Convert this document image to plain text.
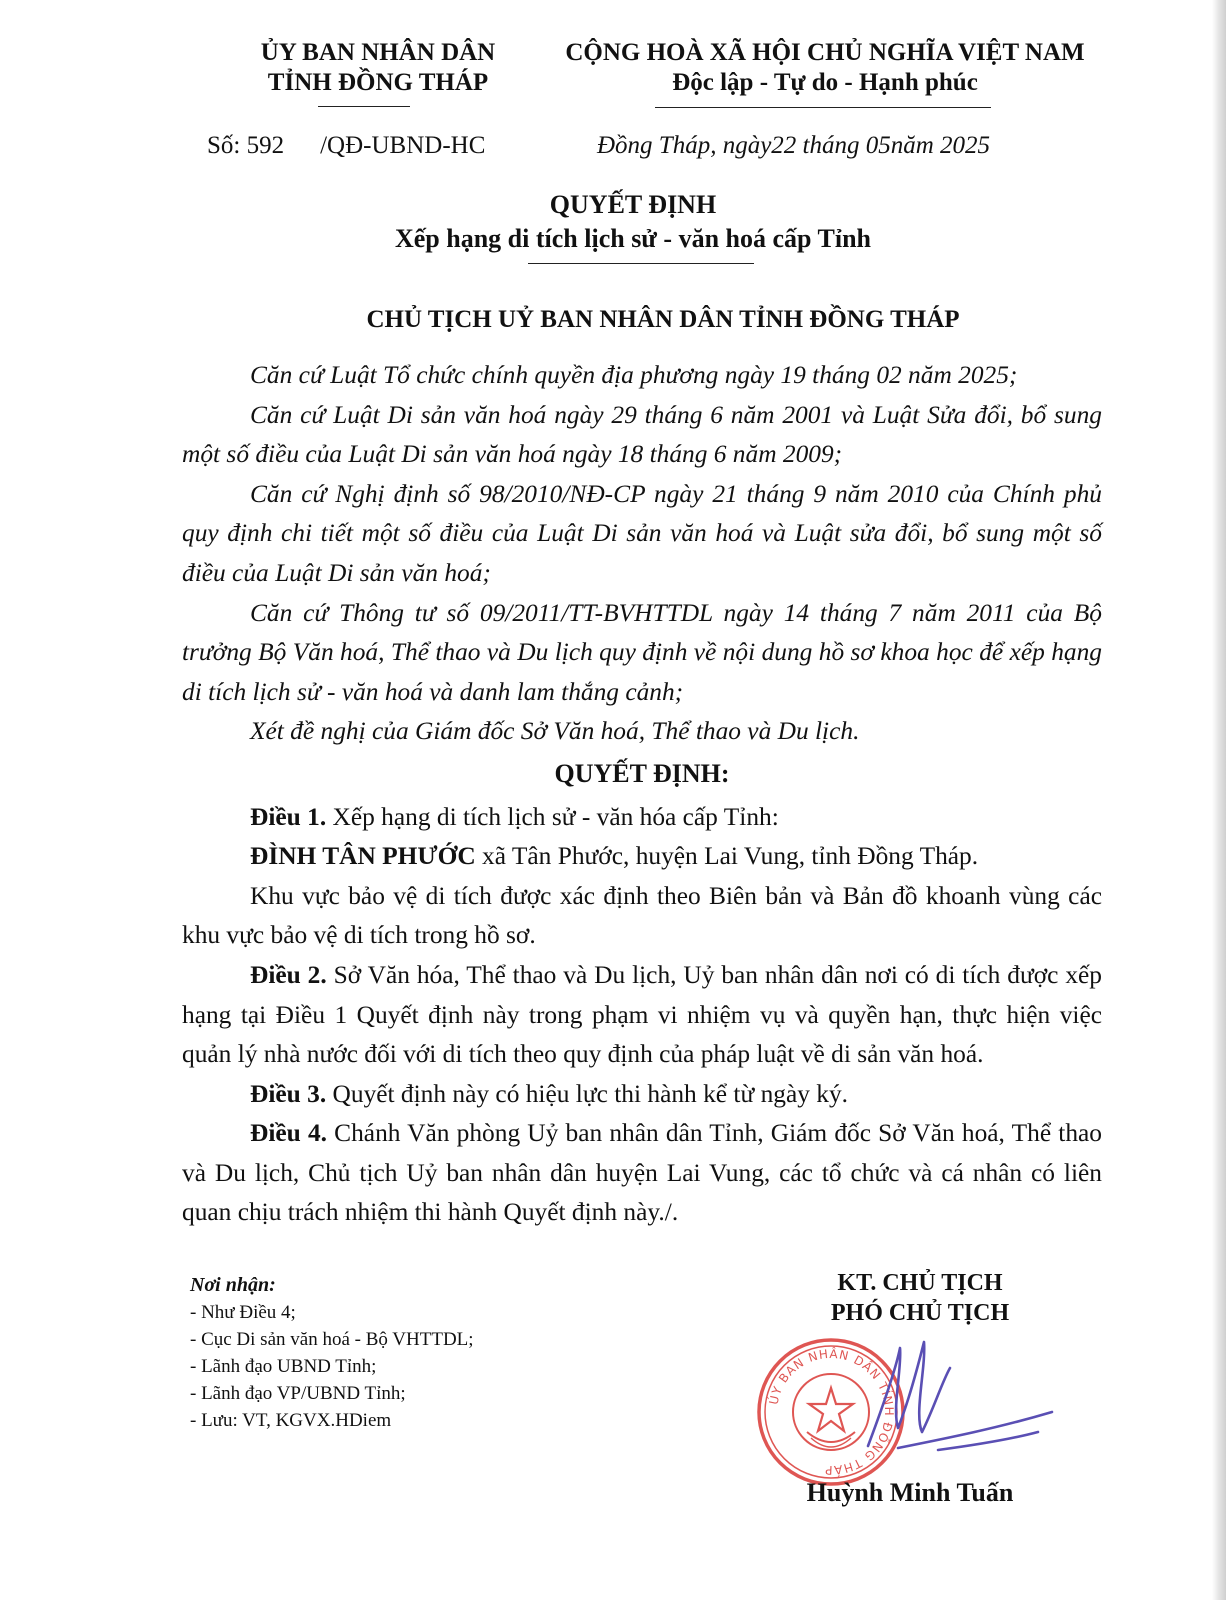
ỦY BAN NHÂN DÂN
TỈNH ĐỒNG THÁP
CỘNG HOÀ XÃ HỘI CHỦ NGHĨA VIỆT NAM
Độc lập - Tự do - Hạnh phúc
Số: 592 /QĐ-UBND-HC	Đồng Tháp, ngày22 tháng 05năm 2025
QUYẾT ĐỊNH
Xếp hạng di tích lịch sử - văn hoá cấp Tỉnh
CHỦ TỊCH UỶ BAN NHÂN DÂN TỈNH ĐỒNG THÁP

Căn cứ Luật Tổ chức chính quyền địa phương ngày 19 tháng 02 năm 2025;

Căn cứ Luật Di sản văn hoá ngày 29 tháng 6 năm 2001 và Luật Sửa đổi, bổ sung một số điều của Luật Di sản văn hoá ngày 18 tháng 6 năm 2009;

Căn cứ Nghị định số 98/2010/NĐ-CP ngày 21 tháng 9 năm 2010 của Chính phủ quy định chi tiết một số điều của Luật Di sản văn hoá và Luật sửa đổi, bổ sung một số điều của Luật Di sản văn hoá;

Căn cứ Thông tư số 09/2011/TT-BVHTTDL ngày 14 tháng 7 năm 2011 của Bộ trưởng Bộ Văn hoá, Thể thao và Du lịch quy định về nội dung hồ sơ khoa học để xếp hạng di tích lịch sử - văn hoá và danh lam thắng cảnh;

Xét đề nghị của Giám đốc Sở Văn hoá, Thể thao và Du lịch.

QUYẾT ĐỊNH:

Điều 1. Xếp hạng di tích lịch sử - văn hóa cấp Tỉnh:

ĐÌNH TÂN PHƯỚC xã Tân Phước, huyện Lai Vung, tỉnh Đồng Tháp.

Khu vực bảo vệ di tích được xác định theo Biên bản và Bản đồ khoanh vùng các khu vực bảo vệ di tích trong hồ sơ.

Điều 2. Sở Văn hóa, Thể thao và Du lịch, Uỷ ban nhân dân nơi có di tích được xếp hạng tại Điều 1 Quyết định này trong phạm vi nhiệm vụ và quyền hạn, thực hiện việc quản lý nhà nước đối với di tích theo quy định của pháp luật về di sản văn hoá.

Điều 3. Quyết định này có hiệu lực thi hành kể từ ngày ký.

Điều 4. Chánh Văn phòng Uỷ ban nhân dân Tỉnh, Giám đốc Sở Văn hoá, Thể thao và Du lịch, Chủ tịch Uỷ ban nhân dân huyện Lai Vung, các tổ chức và cá nhân có liên quan chịu trách nhiệm thi hành Quyết định này./.

Nơi nhận:
- Như Điều 4;
- Cục Di sản văn hoá - Bộ VHTTDL;
- Lãnh đạo UBND Tỉnh;
- Lãnh đạo VP/UBND Tỉnh;
- Lưu: VT, KGVX.HDiem
KT. CHỦ TỊCH
PHÓ CHỦ TỊCH
ỦY BAN NHÂN DÂN TỈNH ĐỒNG THÁP
Huỳnh Minh Tuấn
